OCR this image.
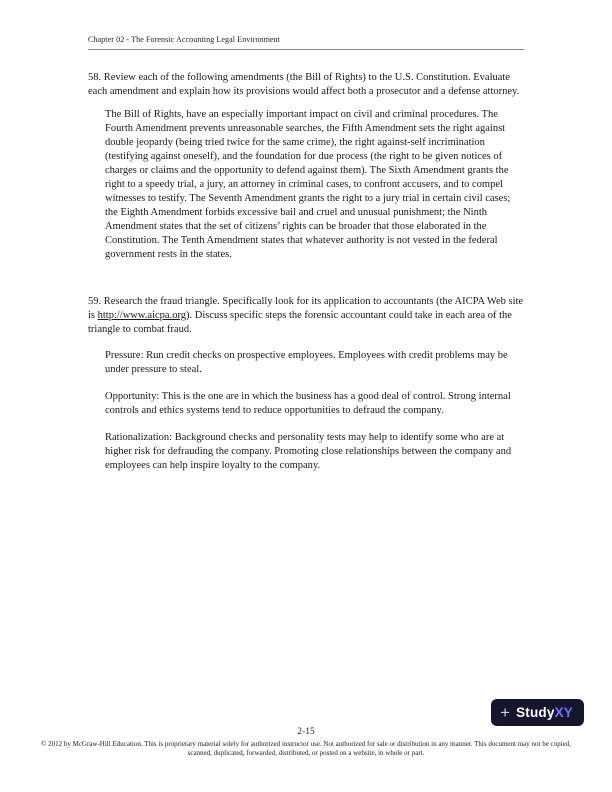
Chapter 02 - The Forensic Accounting Legal Environment

58. Review each of the following amendments (the Bill of Rights) to the U.S. Constitution. Evaluate each amendment and explain how its provisions would affect both a prosecutor and a defense attorney.

The Bill of Rights, have an especially important impact on civil and criminal procedures. The Fourth Amendment prevents unreasonable searches, the Fifth Amendment sets the right against double jeopardy (being tried twice for the same crime), the right against-self incrimination (testifying against oneself), and the foundation for due process (the right to be given notices of charges or claims and the opportunity to defend against them). The Sixth Amendment grants the right to a speedy trial, a jury, an attorney in criminal cases, to confront accusers, and to compel witnesses to testify. The Seventh Amendment grants the right to a jury trial in certain civil cases; the Eighth Amendment forbids excessive bail and cruel and unusual punishment; the Ninth Amendment states that the set of citizens’ rights can be broader that those elaborated in the Constitution. The Tenth Amendment states that whatever authority is not vested in the federal government rests in the states.

59. Research the fraud triangle. Specifically look for its application to accountants (the AICPA Web site is http://www.aicpa.org). Discuss specific steps the forensic accountant could take in each area of the triangle to combat fraud.

Pressure: Run credit checks on prospective employees. Employees with credit problems may be under pressure to steal.

Opportunity: This is the one are in which the business has a good deal of control. Strong internal controls and ethics systems tend to reduce opportunities to defraud the company.

Rationalization: Background checks and personality tests may help to identify some who are at higher risk for defrauding the company. Promoting close relationships between the company and employees can help inspire loyalty to the company.

+ StudyXY
2-15
© 2012 by McGraw-Hill Education. This is proprietary material solely for authorized instructor use. Not authorized for sale or distribution in any manner. This document may not be copied, scanned, duplicated, forwarded, distributed, or posted on a website, in whole or part.
